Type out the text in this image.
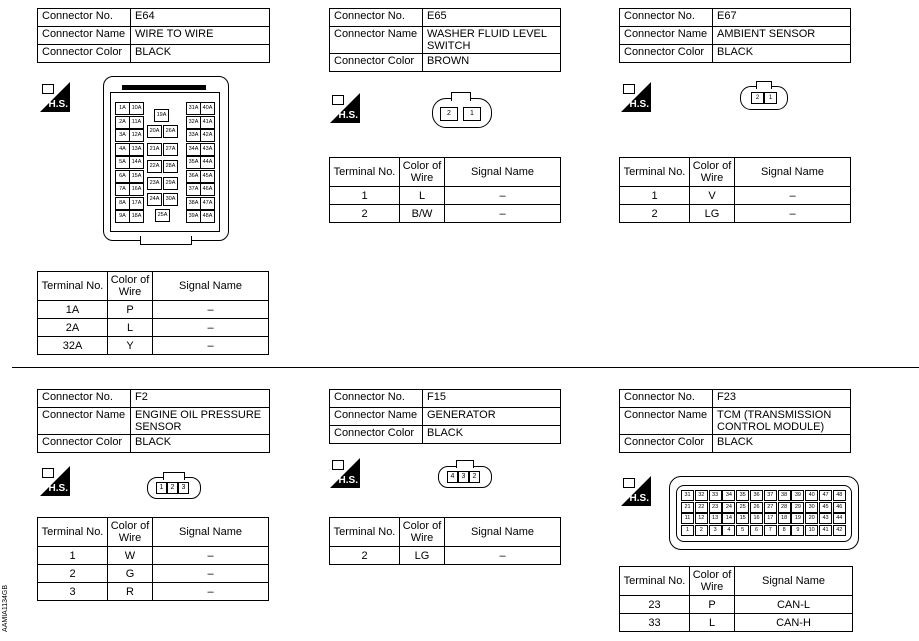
Connector No.	E64
Connector Name	WIRE TO WIRE
Connector Color	BLACK
H.S.	1A	10A
2A	11A
3A	12A
4A	13A
5A	14A
6A	15A
7A	16A
8A	17A
9A	18A
19A
20A	26A
21A	27A
22A	28A
23A	29A
24A	30A
25A
31A 40A
32A 41A
33A 42A
34A 43A
35A 44A
36A 45A
37A 46A
38A 47A
39A 48A
Terminal No.	Color of Wire	Signal Name
1A	P	–
2A	L	–
32A	Y	–
Connector No.	E65
Connector Name	WASHER FLUID LEVEL SWITCH
Connector Color	BROWN
H.S.	2	1
Terminal No.	Color of Wire	Signal Name
1	L	–
2	B/W	–
Connector No.	E67
Connector Name	AMBIENT SENSOR
Connector Color	BLACK
H.S.
2	1
Terminal No.	Color of Wire	Signal Name
1	V	–
2	LG	–
Connector No.	F2
Connector Name	ENGINE OIL PRESSURE SENSOR
Connector Color	BLACK
H.S.	1	2	3
Terminal No.	Color of Wire	Signal Name
1	W	–
2	G	–
3	R	–
Connector No.	F15
Connector Name	GENERATOR
Connector Color	BLACK
H.S.	4	3	2
Terminal No.	Color of Wire	Signal Name
2	LG	–
Connector No.	F23
Connector Name	TCM (TRANSMISSION CONTROL MODULE)
Connector Color	BLACK
H.S.	31	32	33	34	35	36	37	38	39	40	47	48
21	22	23	24	25	26	27	28	29	30	45	46
11	12	13	14	15	16	17	18	19	20	43	44
1	2	3	4	5	6	7	8	9	10	41	42
Terminal No.	Color of Wire	Signal Name
23	P	CAN-L
33	L	CAN-H
AAMIA1134GB
